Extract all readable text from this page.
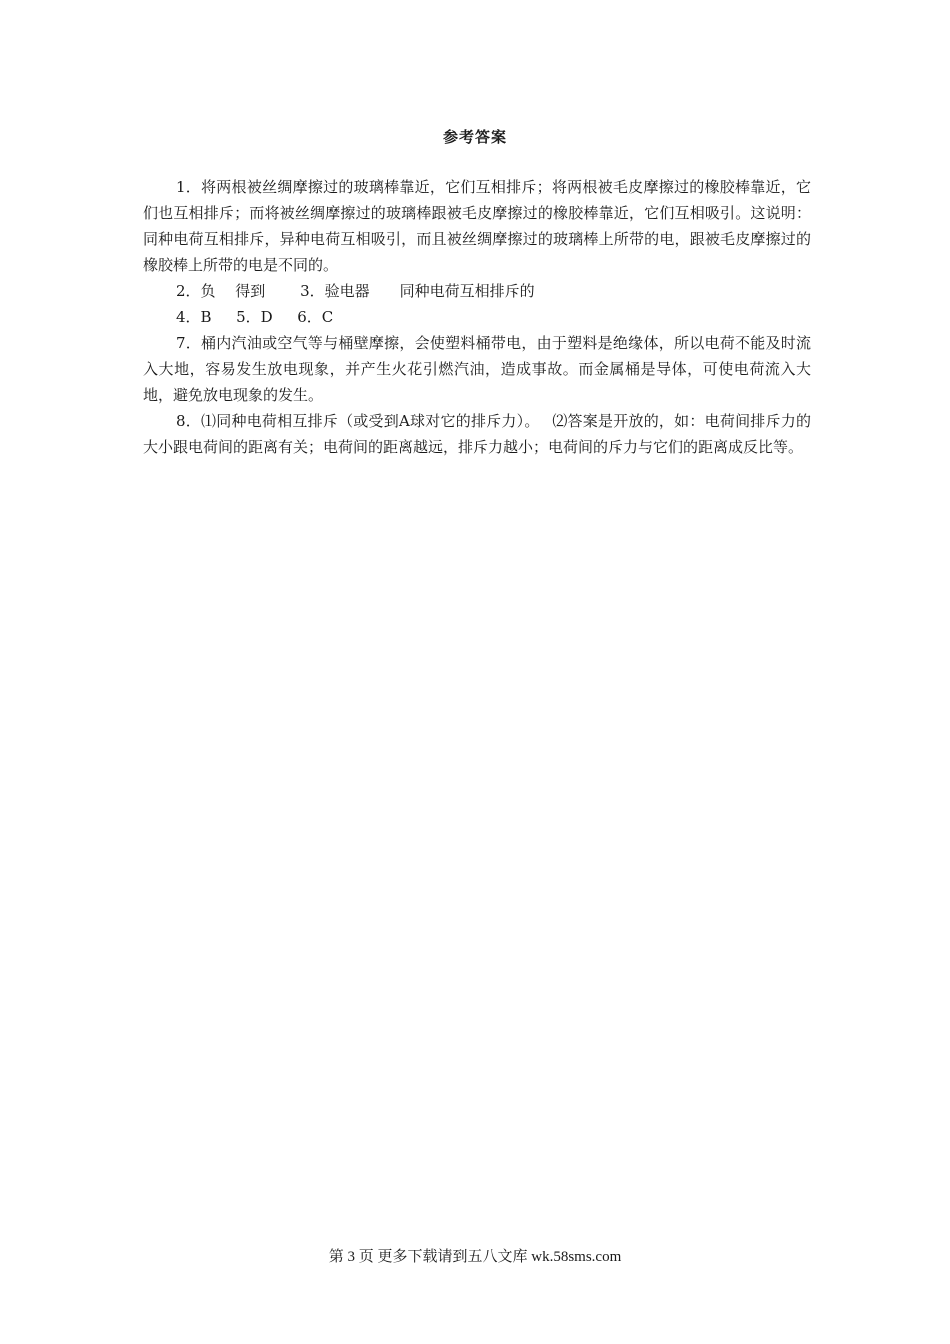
参考答案

1．将两根被丝绸摩擦过的玻璃棒靠近，它们互相排斥；将两根被毛皮摩擦过的橡胶棒靠近，它们也互相排斥；而将被丝绸摩擦过的玻璃棒跟被毛皮摩擦过的橡胶棒靠近，它们互相吸引。这说明：同种电荷互相排斥，异种电荷互相吸引，而且被丝绸摩擦过的玻璃棒上所带的电，跟被毛皮摩擦过的橡胶棒上所带的电是不同的。

2．负　 得到　　 3．验电器　　同种电荷互相排斥的

4．B　  5．D　  6．C

7．桶内汽油或空气等与桶壁摩擦，会使塑料桶带电，由于塑料是绝缘体，所以电荷不能及时流入大地，容易发生放电现象，并产生火花引燃汽油，造成事故。而金属桶是导体，可使电荷流入大地，避免放电现象的发生。

8．⑴同种电荷相互排斥（或受到A球对它的排斥力）。　 ⑵答案是开放的，如：电荷间排斥力的大小跟电荷间的距离有关；电荷间的距离越远，排斥力越小；电荷间的斥力与它们的距离成反比等。

第 3 页 更多下载请到五八文库 wk.58sms.com
